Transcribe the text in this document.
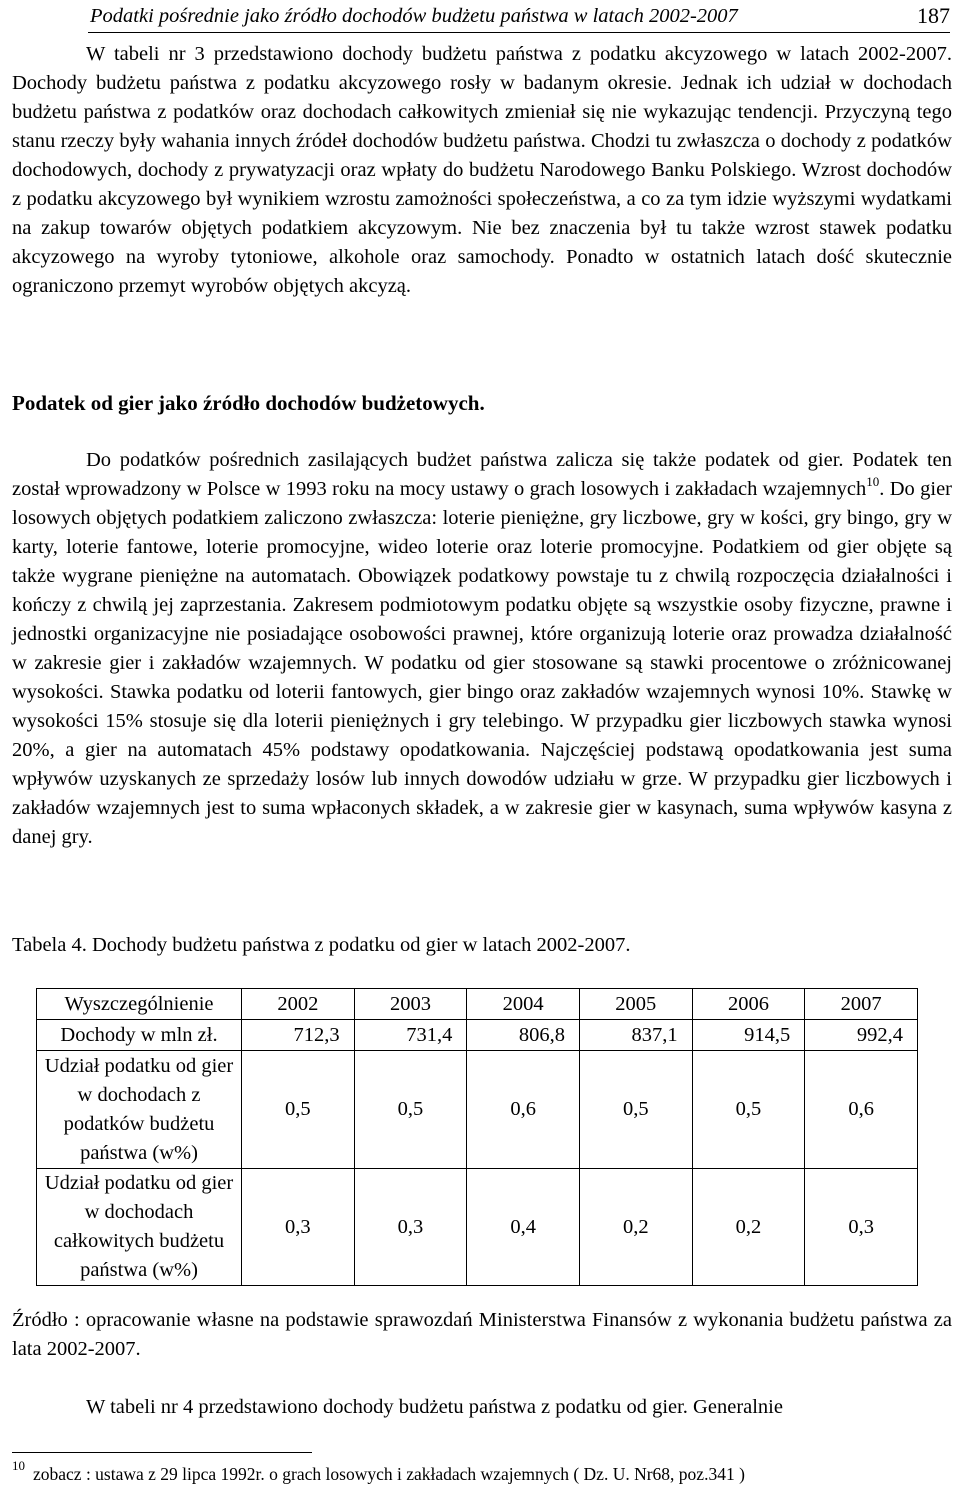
Podatki pośrednie jako źródło dochodów budżetu państwa w latach 2002-2007	187

W tabeli nr 3 przedstawiono dochody budżetu państwa z podatku akcyzowego w latach 2002-2007. Dochody budżetu państwa z podatku akcyzowego rosły w badanym okresie. Jednak ich udział w dochodach budżetu państwa z podatków oraz dochodach całkowitych zmieniał się nie wykazując tendencji. Przyczyną tego stanu rzeczy były wahania innych źródeł dochodów budżetu państwa. Chodzi tu zwłaszcza o dochody z podatków dochodowych, dochody z prywatyzacji oraz wpłaty do budżetu Narodowego Banku Polskiego. Wzrost dochodów z podatku akcyzowego był wynikiem wzrostu zamożności społeczeństwa, a co za tym idzie wyższymi wydatkami na zakup towarów objętych podatkiem akcyzowym. Nie bez znaczenia był tu także wzrost stawek podatku akcyzowego na wyroby tytoniowe, alkohole oraz samochody. Ponadto w ostatnich latach dość skutecznie ograniczono przemyt wyrobów objętych akcyzą.

Podatek od gier jako źródło dochodów budżetowych.

Do podatków pośrednich zasilających budżet państwa zalicza się także podatek od gier. Podatek ten został wprowadzony w Polsce w 1993 roku na mocy ustawy o grach losowych i zakładach wzajemnych$^{10}$. Do gier losowych objętych podatkiem zaliczono zwłaszcza: loterie pieniężne, gry liczbowe, gry w kości, gry bingo, gry w karty, loterie fantowe, loterie promocyjne, wideo loterie oraz loterie promocyjne. Podatkiem od gier objęte są także wygrane pieniężne na automatach. Obowiązek podatkowy powstaje tu z chwilą rozpoczęcia działalności i kończy z chwilą jej zaprzestania. Zakresem podmiotowym podatku objęte są wszystkie osoby fizyczne, prawne i jednostki organizacyjne nie posiadające osobowości prawnej, które organizują loterie oraz prowadza działalność w zakresie gier i zakładów wzajemnych. W podatku od gier stosowane są stawki procentowe o zróżnicowanej wysokości. Stawka podatku od loterii fantowych, gier bingo oraz zakładów wzajemnych wynosi 10%. Stawkę w wysokości 15% stosuje się dla loterii pieniężnych i gry telebingo. W przypadku gier liczbowych stawka wynosi 20%, a gier na automatach 45% podstawy opodatkowania. Najczęściej podstawą opodatkowania jest suma wpływów uzyskanych ze sprzedaży losów lub innych dowodów udziału w grze. W przypadku gier liczbowych i zakładów wzajemnych jest to suma wpłaconych składek, a w zakresie gier w kasynach, suma wpływów kasyna z danej gry.

Tabela 4. Dochody budżetu państwa z podatku od gier w latach 2002-2007.

Wyszczególnienie	2002	2003	2004	2005	2006	2007
Dochody w mln zł.	712,3	731,4	806,8	837,1	914,5	992,4
Udział podatku od gier w dochodach z podatków budżetu państwa (w%)	0,5	0,5	0,6	0,5	0,5	0,6
Udział podatku od gier w dochodach całkowitych budżetu państwa (w%)	0,3	0,3	0,4	0,2	0,2	0,3

Źródło : opracowanie własne na podstawie sprawozdań Ministerstwa Finansów z wykonania budżetu państwa za lata 2002-2007.

W tabeli nr 4 przedstawiono dochody budżetu państwa z podatku od gier. Generalnie

$^{10}$ zobacz : ustawa z 29 lipca 1992r. o grach losowych i zakładach wzajemnych ( Dz. U. Nr68, poz.341 )
